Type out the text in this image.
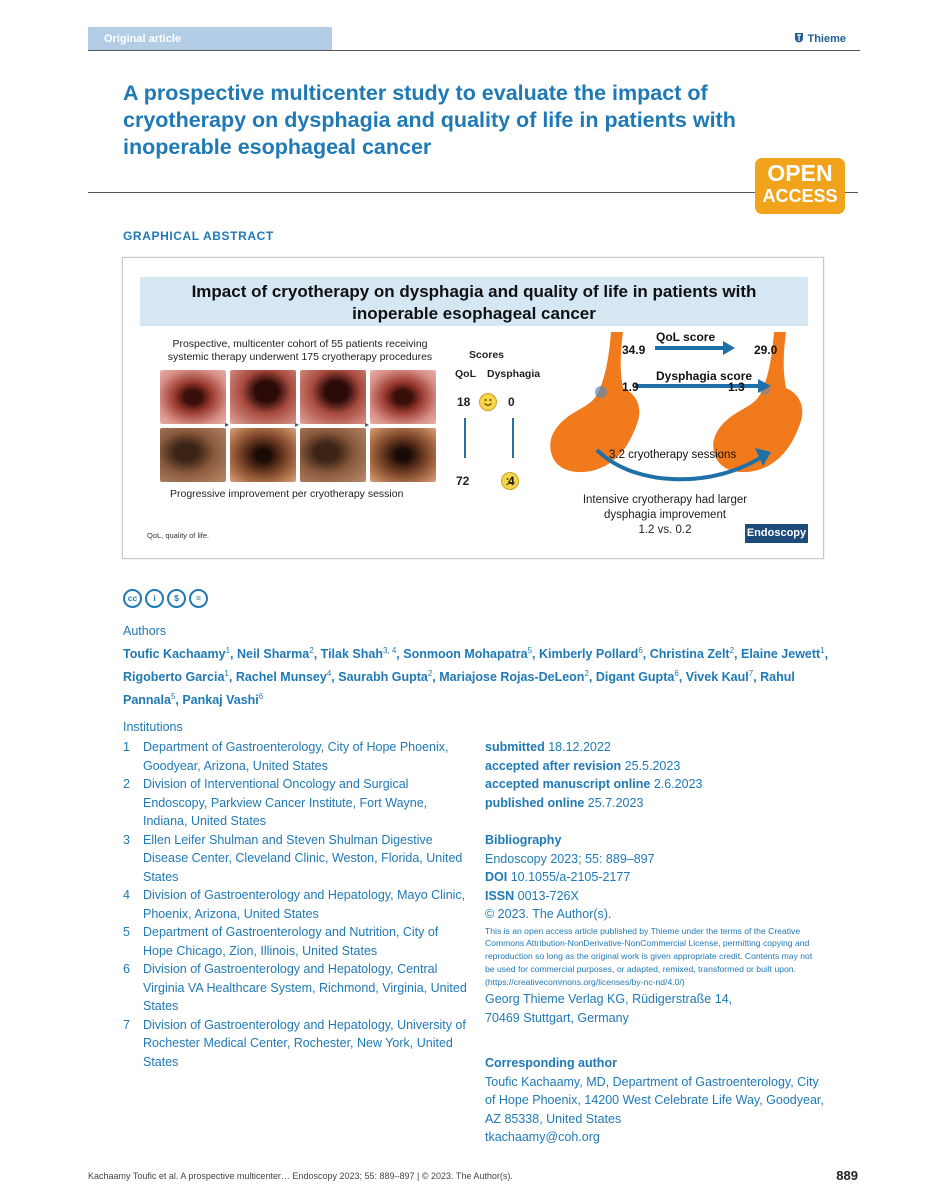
Original article	Thieme
A prospective multicenter study to evaluate the impact of cryotherapy on dysphagia and quality of life in patients with inoperable esophageal cancer
OPEN
ACCESS
GRAPHICAL ABSTRACT
Impact of cryotherapy on dysphagia and quality of life in patients with
inoperable esophageal cancer
Prospective, multicenter cohort of 55 patients receiving
systemic therapy underwent 175 cryotherapy procedures
▸	▸	▸
Progressive improvement per cryotherapy session
Scores
QoL Dysphagia
18
	0
72	4
QoL score
34.9	29.0
Dysphagia score
1.9	1.3
3.2 cryotherapy sessions
Intensive cryotherapy had larger
dysphagia improvement
1.2 vs. 0.2
QoL, quality of life.	Endoscopy
cc i $ =
Authors
Toufic Kachaamy$^1$, Neil Sharma$^2$, Tilak Shah$^{3, 4}$, Sonmoon Mohapatra$^5$, Kimberly Pollard$^6$, Christina Zelt$^2$, Elaine Jewett$^1$, Rigoberto Garcia$^1$, Rachel Munsey$^4$, Saurabh Gupta$^2$, Mariajose Rojas-DeLeon$^2$, Digant Gupta$^6$, Vivek Kaul$^7$, Rahul Pannala$^5$, Pankaj Vashi$^6$
Institutions
1	Department of Gastroenterology, City of Hope Phoenix, Goodyear, Arizona, United States
2	Division of Interventional Oncology and Surgical Endoscopy, Parkview Cancer Institute, Fort Wayne, Indiana, United States
3	Ellen Leifer Shulman and Steven Shulman Digestive Disease Center, Cleveland Clinic, Weston, Florida, United States
4	Division of Gastroenterology and Hepatology, Mayo Clinic, Phoenix, Arizona, United States
5	Department of Gastroenterology and Nutrition, City of Hope Chicago, Zion, Illinois, United States
6	Division of Gastroenterology and Hepatology, Central Virginia VA Healthcare System, Richmond, Virginia, United States
7	Division of Gastroenterology and Hepatology, University of Rochester Medical Center, Rochester, New York, United States
submitted 18.12.2022
accepted after revision 25.5.2023
accepted manuscript online 2.6.2023
published online 25.7.2023
Bibliography
Endoscopy 2023; 55: 889–897
DOI 10.1055/a-2105-2177
ISSN 0013-726X
© 2023. The Author(s).
This is an open access article published by Thieme under the terms of the Creative Commons Attribution-NonDerivative-NonCommercial License, permitting copying and reproduction so long as the original work is given appropriate credit. Contents may not be used for commercial purposes, or adapted, remixed, transformed or built upon. (https://creativecommons.org/licenses/by-nc-nd/4.0/)
Georg Thieme Verlag KG, Rüdigerstraße 14,
70469 Stuttgart, Germany
Corresponding author
Toufic Kachaamy, MD, Department of Gastroenterology, City
of Hope Phoenix, 14200 West Celebrate Life Way, Goodyear,
AZ 85338, United States
tkachaamy@coh.org
Kachaamy Toufic et al. A prospective multicenter… Endoscopy 2023; 55: 889–897 | © 2023. The Author(s).	889
